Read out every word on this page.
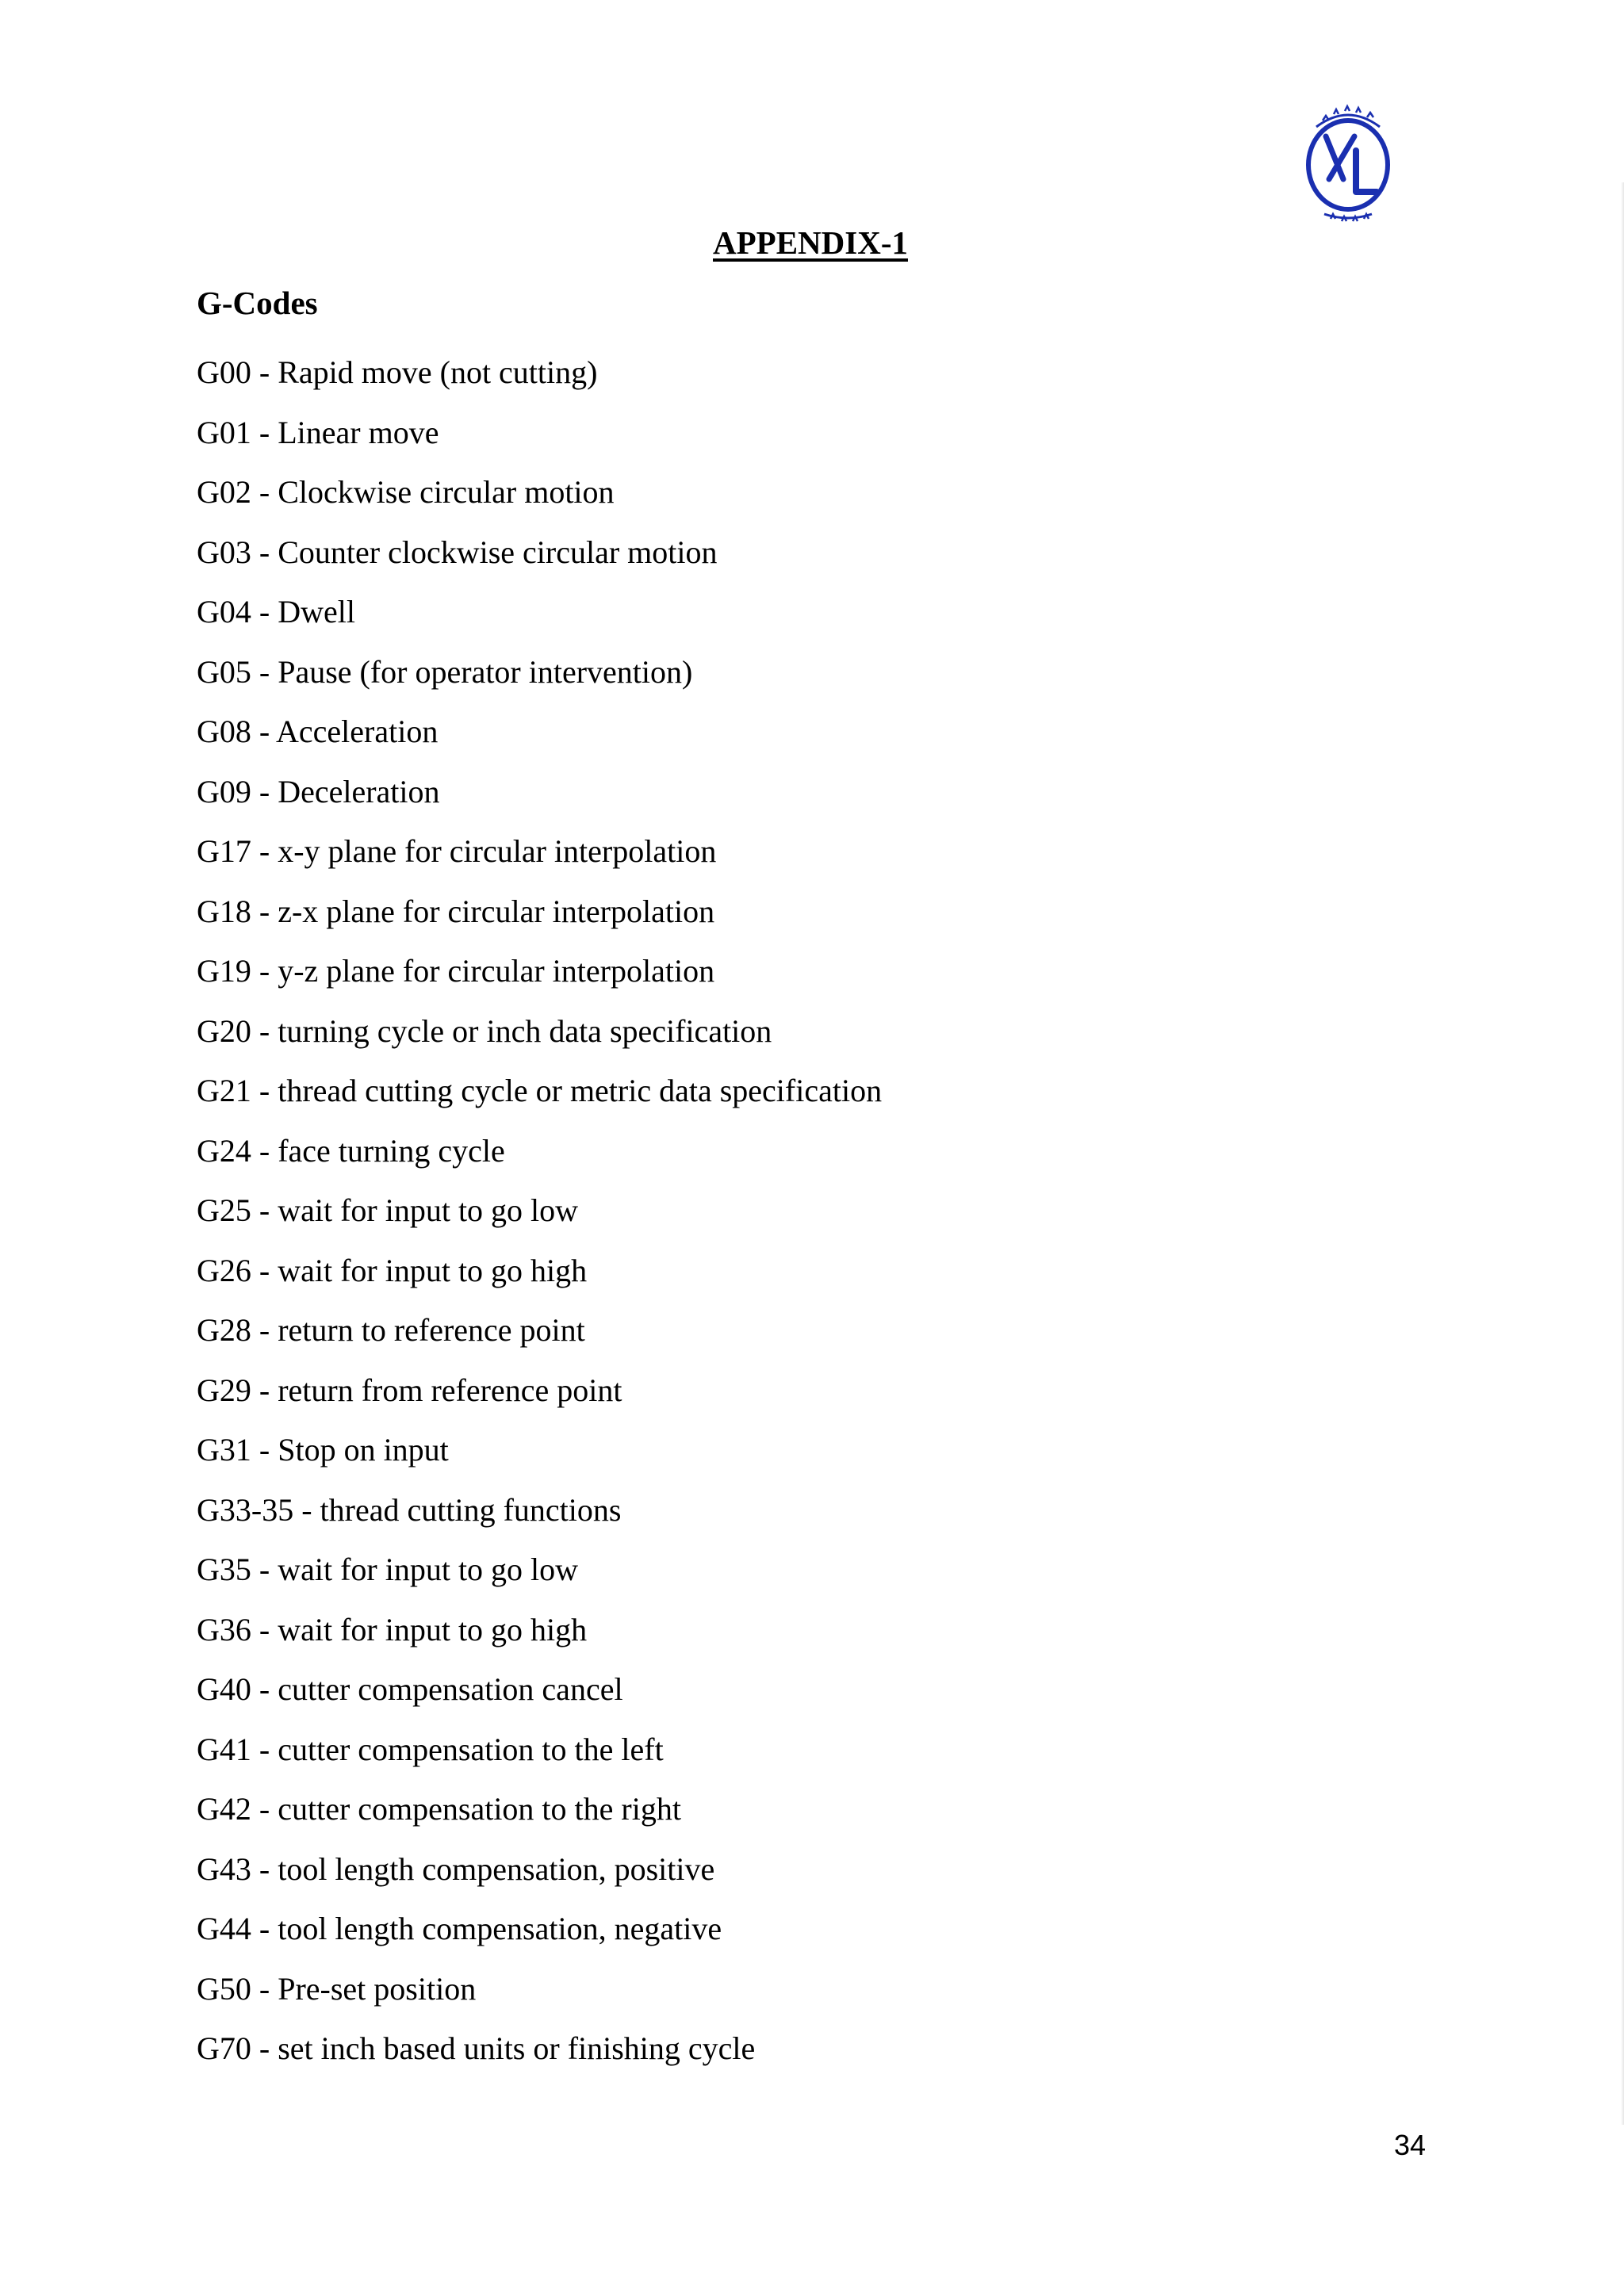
APPENDIX-1
G-Codes
G00 - Rapid move (not cutting)
G01 - Linear move
G02 - Clockwise circular motion
G03 - Counter clockwise circular motion
G04 - Dwell
G05 - Pause (for operator intervention)
G08 - Acceleration
G09 - Deceleration
G17 - x-y plane for circular interpolation
G18 - z-x plane for circular interpolation
G19 - y-z plane for circular interpolation
G20 - turning cycle or inch data specification
G21 - thread cutting cycle or metric data specification
G24 - face turning cycle
G25 - wait for input to go low
G26 - wait for input to go high
G28 - return to reference point
G29 - return from reference point
G31 - Stop on input
G33-35 - thread cutting functions
G35 - wait for input to go low
G36 - wait for input to go high
G40 - cutter compensation cancel
G41 - cutter compensation to the left
G42 - cutter compensation to the right
G43 - tool length compensation, positive
G44 - tool length compensation, negative
G50 - Pre-set position
G70 - set inch based units or finishing cycle
34
